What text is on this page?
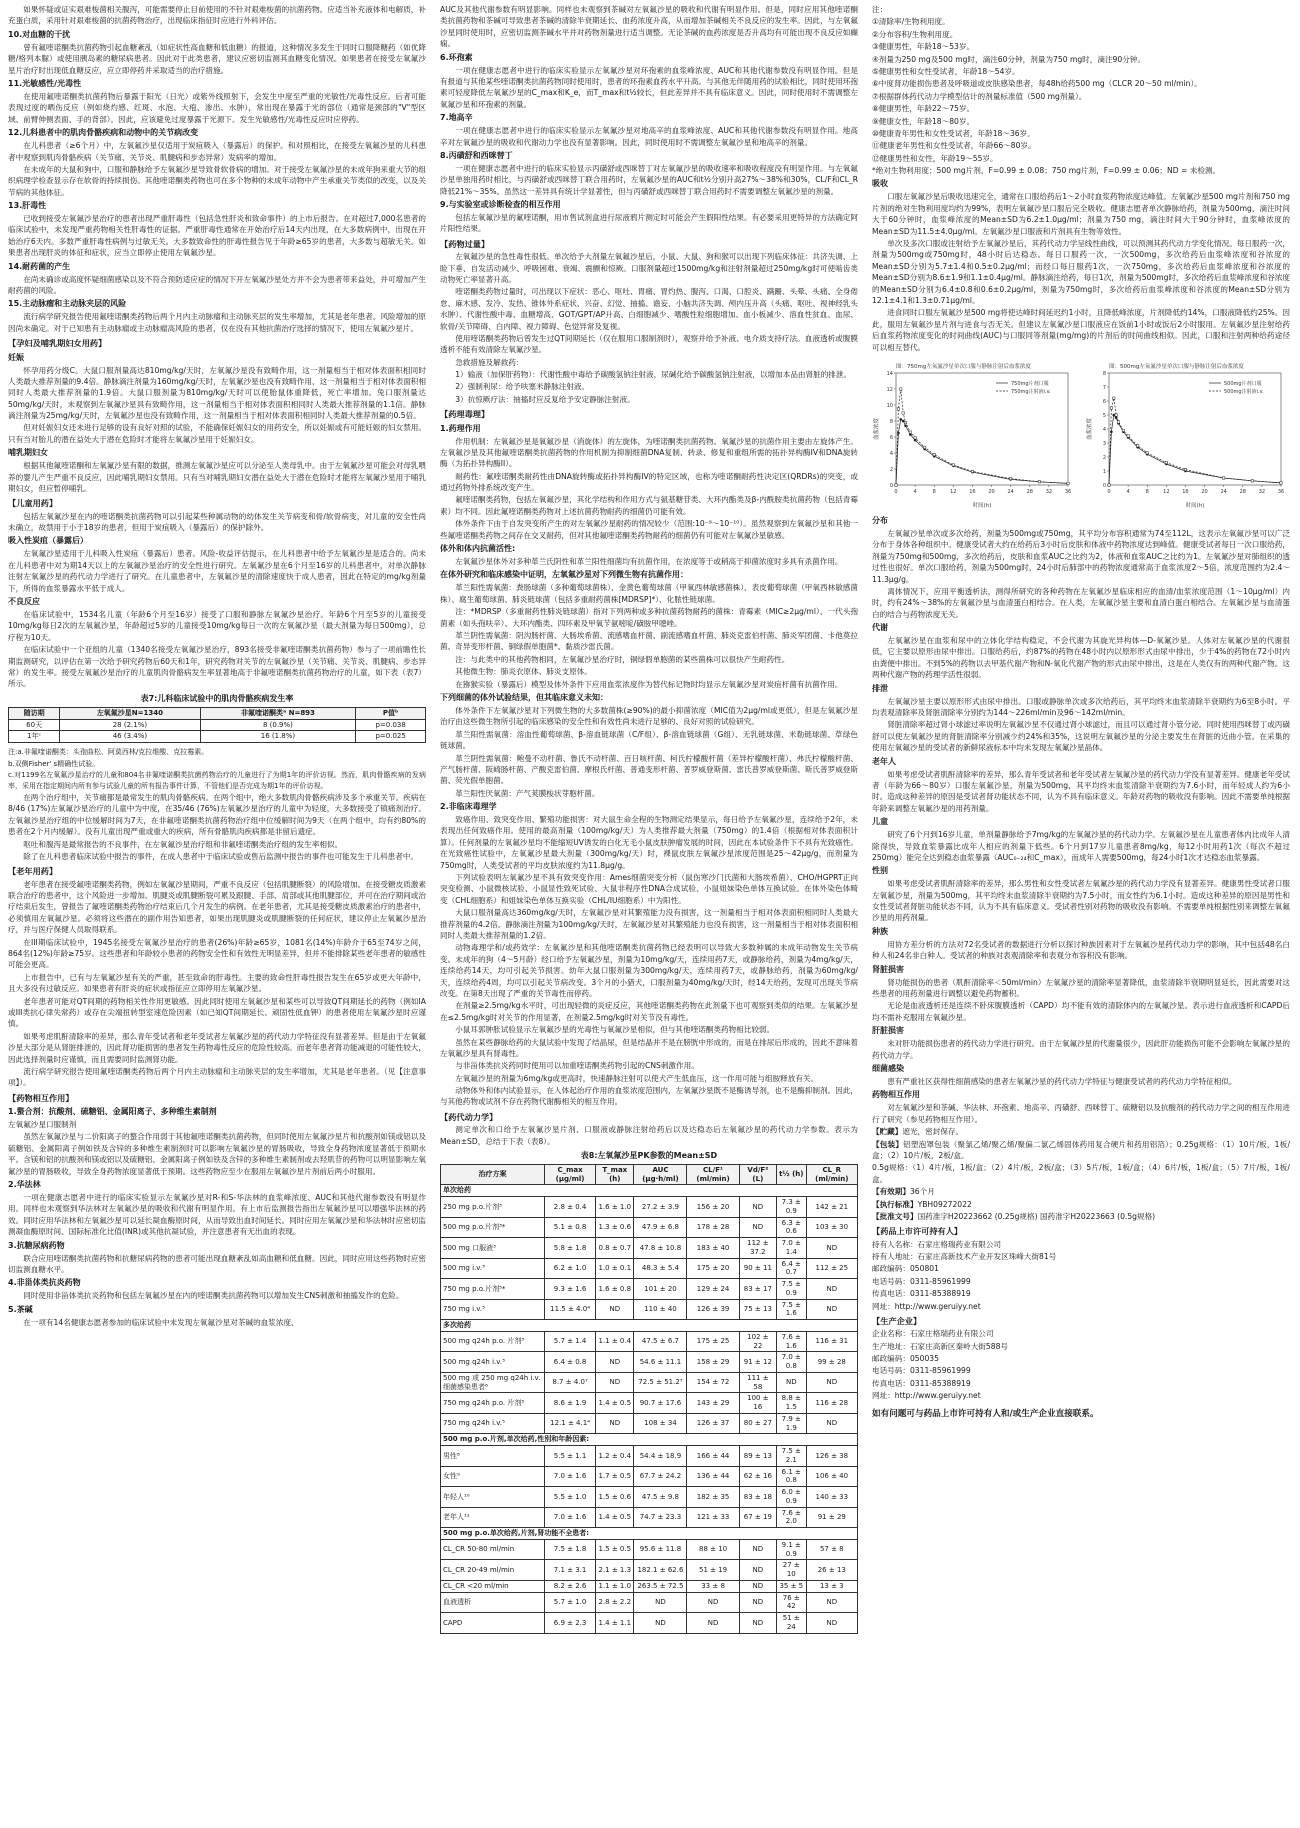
如果怀疑或证实艰难梭菌相关腹泻，可能需要停止目前使用的不针对艰难梭菌的抗菌药物。应适当补充液体和电解质，补充蛋白质，采用针对艰难梭菌的抗菌药物治疗，出现临床指征时应进行外科评估。

10.对血糖的干扰

曾有氟喹诺酮类抗菌药物引起血糖紊乱（如症状性高血糖和低血糖）的报道，这种情况多发生于同时口服降糖药（如优降糖/格列本脲）或使用胰岛素的糖尿病患者。因此对于此类患者，建议应密切监测其血糖变化情况。如果患者在接受左氧氟沙星片治疗时出现低血糖反应，应立即停药并采取适当的治疗措施。

11.光敏感性/光毒性

在使用氟喹诺酮类抗菌药物后暴露于阳光（日光）或紫外线照射下，会发生中度至严重的光敏性/光毒性反应。后者可能表现过度的晒伤反应（例如烧灼感、红斑、水泡、大疱、渗出、水肿），常出现在暴露于光的部位（通常是颈部的"V"型区域、前臂伸侧表面、手的背部）。因此，应该避免过度暴露于光源下。发生光敏感性/光毒性反应时应停药。

12.儿科患者中的肌肉骨骼疾病和动物中的关节病改变

在儿科患者（≥6个月）中，左氧氟沙星仅适用于炭疽吸入（暴露后）的保护。和对照相比，在接受左氧氟沙星的儿科患者中观察到肌肉骨骼疾病（关节痛、关节炎、肌腱病和步态异常）发病率的增加。

在未成年的大鼠和狗中，口服和静脉给予左氧氟沙星导致骨软骨病的增加。对于接受左氧氟沙星的未成年狗来重大节的组织病理学检查显示存在软骨的持续损伤。其他喹诺酮类药物也可在多个物种的未成年动物中产生承重关节类似的改变，以及关节病的其他体征。

13.肝毒性

已收到接受左氧氟沙星治疗的患者出现严重肝毒性（包括急性肝炎和致命事件）的上市后报告。在对超过7,000名患者的临床试验中，未发现严重药物相关性肝毒性的证据。严重肝毒性通常在开始治疗后14天内出现，在大多数病例中，出现在开始治疗6天内。多数严重肝毒性病例与过敏无关。大多数致命性的肝毒性报告见于年龄≥65岁的患者，大多数与超敏无关。如果患者出现肝炎的体征和症状，应当立即停止使用左氧氟沙星。

14.耐药菌的产生

在尚未确诊或高度怀疑细菌感染以及不符合预防适应症的情况下开左氧氟沙星处方并不会为患者带来益处，并可增加产生耐药菌的风险。

15.主动脉瘤和主动脉夹层的风险

流行病学研究报告使用氟喹诺酮类药物后两个月内主动脉瘤和主动脉夹层的发生率增加，尤其是老年患者。风险增加的原因尚未确定。对于已知患有主动脉瘤或主动脉瘤高风险的患者，仅在没有其他抗菌治疗选择的情况下，使用左氧氟沙星片。

【孕妇及哺乳期妇女用药】

妊娠

怀孕用药分级C。大鼠口服剂量高达810mg/kg/天时，左氧氟沙星没有致畸作用，这一剂量相当于相对体表面积相同时人类最大推荐剂量的9.4倍。静脉滴注剂量为160mg/kg/天时，左氧氟沙星也没有致畸作用，这一剂量相当于相对体表面积相同时人类最大推荐剂量的1.9倍。大鼠口服剂量为810mg/kg/天时可以使胎鼠体重降低，死亡率增加。兔口服剂量达50mg/kg/天时，未观察到左氧氟沙星具有致畸作用，这一剂量相当于相对体表面积相同时人类最大推荐剂量的1.1倍。静脉滴注剂量为25mg/kg/天时，左氧氟沙星也没有致畸作用，这一剂量相当于相对体表面积相同时人类最大推荐剂量的0.5倍。

但对妊娠妇女还未进行足够的设有良好对照的试验，不能确保妊娠妇女的用药安全，所以妊娠或有可能妊娠的妇女禁用。只有当对胎儿的潜在益处大于潜在危险时才能将左氧氟沙星用于妊娠妇女。

哺乳期妇女

根据其他氟喹诺酮和左氧氟沙星有限的数据，推测左氧氟沙星应可以分泌至人类母乳中。由于左氧氟沙星可能会对母乳喂养的婴儿产生严重不良反应，因此哺乳期妇女禁用。只有当对哺乳期妇女潜在益处大于潜在危险时才能将左氧氟沙星用于哺乳期妇女，但应暂停哺乳。

【儿童用药】

包括左氧氟沙星在内的喹诺酮类抗菌药物可以引起某些种属动物的幼体发生关节病变和骨/软骨病变，对儿童的安全性尚未确立，故禁用于小于18岁的患者，但用于炭疽吸入（暴露后）的保护除外。

吸入性炭疽（暴露后）

左氧氟沙星适用于儿科吸入性炭疽（暴露后）患者。风险-收益评估提示，在儿科患者中给予左氧氟沙星是适合的。尚未在儿科患者中对为期14天以上的左氧氟沙星治疗的安全性进行研究。左氧氟沙星在6个月至16岁的儿科患者中，对单次静脉注射左氧氟沙星的药代动力学进行了研究。在儿童患者中，左氧氟沙星的清除速度快于成人患者，因此在特定的mg/kg剂量下，所得的血浆暴露水平低于成人。

不良反应

在临床试验中，1534名儿童（年龄6个月至16岁）接受了口服和静脉左氧氟沙星治疗。年龄6个月至5岁的儿童接受10mg/kg每日2次的左氧氟沙星，年龄超过5岁的儿童接受10mg/kg每日一次的左氧氟沙星（最大剂量为每日500mg），总疗程为10天。

在临床试验中一个亚组的儿童（1340名接受左氧氟沙星治疗，893名接受非氟喹诺酮类抗菌药物）参与了一项前瞻性长期监测研究，以评估在第一次给予研究药物后60天和1年，研究药物对关节的左氧氟沙星（关节痛、关节炎、肌腱病、步态异常）的发生率。接受左氧氟沙星治疗的儿童肌肉骨骼病发生率显著地高于非氟喹诺酮类抗菌药物治疗的儿童，如下表（表7）所示。

表7:儿科临床试验中的肌肉骨骼疾病发生率

随访期	左氧氟沙星N=1340	非氟喹诺酮类ᵃ N=893	P值ᵇ
60天	28 (2.1%)	8 (0.9%)	p=0.038
1年ᶜ	46 (3.4%)	16 (1.8%)	p=0.025

注:a.非氟喹诺酮类：头孢曲松、阿莫西林/克拉维酸、克拉霉素。

b.双侧Fisher' s精确性试验。

c.对1199名左氧氟沙星治疗的儿童和804名非氟喹诺酮类抗菌药物治疗的儿童进行了为期1年的评价访视。然而，肌肉骨骼疾病的发病率，采用在指定期间内所有参与试验儿童的所有报告事件计算，不管他们是否完成为期1年的评价访视。

在两个治疗组中，关节痛都是最常发生的肌肉骨骼疾病。在两个组中，绝大多数肌肉骨骼疾病涉及多个承重关节。疾病在8/46 (17%)左氧氟沙星治疗的儿童中为中度，在35/46 (76%)左氧氟沙星治疗的儿童中为轻度，大多数接受了镇痛剂治疗。左氧氟沙星治疗组的中位缓解时间为7天，在非氟喹诺酮类抗菌药物治疗组中位缓解时间为9天（在两个组中，均有约80%的患者在2个月内缓解）。没有儿童出现严重或重大的疾病，所有骨骼肌肉疾病都是非留后遗症。

呕吐和腹泻是最常报告的不良事件，在左氧氟沙星治疗组和非氟喹诺酮类治疗组的发生率相似。

除了在儿科患者临床试验中报告的事件，在成人患者中于临床试验或售后监测中报告的事件也可能发生于儿科患者中。

【老年用药】

老年患者在接受氟喹诺酮类药物，例如左氧氟沙星期间，严重不良反应（包括肌腱断裂）的风险增加。在接受糖皮质激素联合治疗的患者中，这个风险进一步增加。肌腱炎或肌腱断裂可累及跟腱、手部、肩部或其他肌腱部位，并可在治疗期间或治疗结束后发生，曾报告了氟喹诺酮类药物治疗结束后几个月发生的病例。在老年患者，尤其是接受糖皮质激素治疗的患者中，必须慎用左氧氟沙星。必须将这些潜在的副作用告知患者，如果出现肌腱炎或肌腱断裂的任何症状，建议停止左氧氟沙星治疗，并与医疗保健人员取得联系。

在III期临床试验中，1945名接受左氧氟沙星治疗的患者(26%)年龄≥65岁，1081名(14%)年龄介于65至74岁之间，864名(12%)年龄≥75岁。这些患者和年龄较小患者的药物安全性和有效性无明显差异，但并不能排除某些老年患者的敏感性可能会更高。

上市报告中，已有与左氧氟沙星有关的严重，甚至致命的肝毒性。主要的致命性肝毒性报告发生在65岁或更大年龄中，且大多没有过敏反应。如果患者有肝炎的症状或指征应立即停用左氧氟沙星。

老年患者可能对QT间期的药物相关性作用更敏感。因此同时使用左氧氟沙星和某些可以导致QT间期延长的药物（例如IA或III类抗心律失常药）或存在尖端扭转型室速危险因素（如已知QT间期延长、顽固性低血钾）的患者使用左氧氟沙星时应谨慎。

如果考虑肌酐清除率的差异，那么青年受试者和老年受试者左氧氟沙星的药代动力学特征没有显著差异。但是由于左氧氟沙星大部分是从肾脏排泄的，因此肾功能损害的患者发生药物毒性反应的危险性较高。而老年患者肾功能减退的可能性较大，因此选择剂量时应谨慎，而且需要同时监测肾功能。

流行病学研究报告使用氟喹诺酮类药物后两个月内主动脉瘤和主动脉夹层的发生率增加，尤其是老年患者。（见【注意事项】）。

【药物相互作用】

1.螯合剂：抗酸剂、硫糖铝、金属阳离子、多种维生素制剂

左氧氟沙星口服制剂

虽然左氧氟沙星与二价阳离子的螯合作用弱于其他氟喹诺酮类抗菌药物，但同时使用左氧氟沙星片和抗酸剂如镁或铝以及硫糖铝、金属阳离子例如铁及含锌的多种维生素制剂时可以影响左氧氟沙星的胃肠吸收，导致全身药物浓度显著低于预期水平。含镁和铝的抗酸剂和镁或铝以及硫糖铝、金属阳离子例如铁及含锌的多种维生素制剂或去羟肌苷的药物可以明显影响左氧氟沙星的胃肠吸收，导致全身药物浓度显著低于预期。这些药物应至少在服用左氧氟沙星片剂前后两小时服用。

2.华法林

一项在健康志愿者中进行的临床实验显示左氧氟沙星对R-和S-华法林的血浆峰浓度、AUC和其他代谢参数没有明显作用。同样也未观察到华法林对左氧氟沙星的吸收和代谢有明显作用。有上市后监测报告指出左氧氟沙星可以增强华法林的药效。同时应用华法林和左氧氟沙星可以延长凝血酶原时间，从而导致出血时间延长。同时应用左氧氟沙星和华法林时应密切监测凝血酶原时间、国际标准化比值(INR)或其他抗凝试验，并注意患者有无出血的表现。

3.抗糖尿病药物

联合应用喹诺酮类抗菌药物和抗糖尿病药物的患者可能出现血糖紊乱如高血糖和低血糖。因此，同时应用这些药物时应密切监测血糖水平。

4.非甾体类抗炎药物

同时使用非甾体类抗炎药物和包括左氧氟沙星在内的喹诺酮类抗菌药物可以增加发生CNS刺激和抽搐发作的危险。

5.茶碱

在一项有14名健康志愿者参加的临床试验中未发现左氧氟沙星对茶碱的血浆浓度、

AUC及其他代谢参数有明显影响。同样也未观察到茶碱对左氧氟沙星的吸收和代谢有明显作用。但是，同时应用其他喹诺酮类抗菌药物和茶碱可导致患者茶碱的清除半衰期延长、血药浓度升高，从而增加茶碱相关不良反应的发生率。因此，与左氧氟沙星同时使用时，应密切监测茶碱水平并对药物剂量进行适当调整。无论茶碱的血药浓度是否升高均有可能出现不良反应如癫痫。

6.环孢素

一项在健康志愿者中进行的临床实验显示左氧氟沙星对环孢素的血浆峰浓度、AUC和其他代谢参数没有明显作用。但是有报道与其他某些喹诺酮类抗菌药物同时使用时，患者的环孢素血药水平升高。与其他无伴随用药的试验相比，同时使用环孢素可轻度降低左氧氟沙星的C_max和K_e，而T_max和t½较长，但此差异并不具有临床意义。因此，同时使用时不需调整左氧氟沙星和环孢素的剂量。

7.地高辛

一项在健康志愿者中进行的临床实验显示左氧氟沙星对地高辛的血浆峰浓度、AUC和其他代谢参数没有明显作用。地高辛对左氧氟沙星的吸收和代谢动力学也没有显著影响。因此，同时使用时不需调整左氧氟沙星和地高辛的剂量。

8.丙磺舒和西咪替丁

一项在健康志愿者中进行的临床实验显示丙磺舒或西咪替丁对左氧氟沙星的吸收速率和吸收程度没有明显作用。与左氧氟沙星单独用药时相比，与丙磺舒或西咪替丁联合用药时，左氧氟沙星的AUC和t½分别升高27%～38%和30%，CL/F和CL_R降低21%～35%。虽然这一差异具有统计学显著性，但与丙磺舒或西咪替丁联合用药时不需要调整左氧氟沙星的剂量。

9.与实验室或诊断检查的相互作用

包括左氧氟沙星的氟喹诺酮，用市售试剂盒进行尿液鸦片测定时可能会产生假阳性结果。有必要采用更特异的方法确定阿片阳性结果。

【药物过量】

左氧氟沙星的急性毒性很低。单次给予大剂量左氧氟沙星后，小鼠、大鼠、狗和猴可以出现下列临床体征：共济失调、上睑下垂、自发活动减少、呼吸困难、衰竭、震颤和惊厥。口服剂量超过1500mg/kg和注射剂量超过250mg/kg时可使啮齿类动物死亡率显著升高。

喹诺酮类药物过量时，可出现以下症状：恶心、呕吐、胃痛、胃灼热、腹泻、口渴、口腔炎、蹒跚、头晕、头痛、全身倦怠、麻木感、发冷、发热、锥体外系症状、兴奋、幻觉、抽搐、谵妄、小脑共济失调、颅内压升高（头痛、呕吐、视神经乳头水肿）、代谢性酸中毒、血糖增高、GOT/GPT/AP升高、白细胞减少、嗜酸性粒细胞增加、血小板减少、溶血性贫血、血尿、软骨/关节障碍、白内障、视力障碍、色觉异常及复视。

使用喹诺酮类药物后曾发生过QT间期延长（仅在服用口服制剂时），观察并给予补液、电介质支持疗法。血液透析或腹膜透析不能有效清除左氧氟沙星。

急救措施及解救药：

1）输液（加保肝药物）：代谢性酸中毒给予碳酸氢钠注射液，尿碱化给予碳酸氢钠注射液，以增加本品由肾脏的排泄。

2）强制利尿：给予呋塞米静脉注射液。

3）抗惊厥疗法：抽搐时应反复给予安定静脉注射液。

【药理毒理】

1.药理作用

作用机制：左氧氟沙星是氧氟沙星（消旋体）的左旋体，为喹诺酮类抗菌药物。氧氟沙星的抗菌作用主要由左旋体产生。左氧氟沙星及其他氟喹诺酮类抗菌药物的作用机制为抑制细菌DNA复制、转录、修复和重组所需的拓扑异构酶IV和DNA旋转酶（为拓扑异构酶II）。

耐药性：氟喹诺酮类耐药性由DNA旋转酶或拓扑异构酶IV的特定区域，也称为喹诺酮耐药性决定区(QRDRs)的突变，或通过药物外排系统改变产生。

氟喹诺酮类药物，包括左氧氟沙星，其化学结构和作用方式与氨基糖苷类、大环内酯类及β-内酰胺类抗菌药物（包括青霉素）均不同。因此氟喹诺酮类药物对上述抗菌药物耐药的细菌仍可能有效。

体外条件下由于自发突变所产生的对左氧氟沙星耐药的情况较少（范围:10⁻⁹～10⁻¹⁰）。虽然观察到左氧氟沙星和其他一些氟喹诺酮类药物之间存在交叉耐药，但对其他氟喹诺酮类药物耐药的细菌仍有可能对左氧氟沙星敏感。

体外和体内抗菌活性:

左氧氟沙星体外对多种革兰氏阴性和革兰阳性细菌均有抗菌作用，在浓度等于或稍高于抑菌浓度时多具有杀菌作用。

在体外研究和临床感染中证明，左氧氟沙星对下列微生物有抗菌作用：

革兰阳性需氧菌：粪肠球菌（多种葡萄球菌株）、金黄色葡萄球菌（甲氧西林敏感菌株）、表皮葡萄球菌（甲氧西林敏感菌株）、腐生葡萄球菌、肺炎链球菌（包括多重耐药菌株[MDRSP]*）、化脓性链球菌。

注：*MDRSP（多重耐药性肺炎链球菌）指对下列两种或多种抗菌药物耐药的菌株：青霉素（MIC≥2μg/ml）、一代头孢菌素（如头孢呋辛）、大环内酯类、四环素及甲氧苄氨嘧啶/磺胺甲噁唑。

革兰阴性需氧菌：阴沟肠杆菌、大肠埃希菌、流感嗜血杆菌、副流感嗜血杆菌、肺炎克雷伯杆菌、肺炎军团菌、卡他莫拉菌、奇异变形杆菌、铜绿假单胞菌*、黏质沙雷氏菌。

注：与此类中的其他药物相同，左氧氟沙星治疗时，铜绿假单胞菌的某些菌株可以很快产生耐药性。

其他微生物：肺炎衣原体、肺炎支原体。

在猕猴实验（暴露后）模型及体外条件下应用血浆浓度作为替代标记物时均显示左氧氟沙星对炭疽杆菌有抗菌作用。

下列细菌的体外试验结果，但其临床意义未知：

体外条件下左氧氟沙星对下列微生物的大多数菌株(≥90%)的最小抑菌浓度（MIC值为2μg/ml或更低），但是左氧氟沙星治疗由这些微生物所引起的临床感染的安全性和有效性尚未进行足够的、良好对照的试验研究。

革兰阳性需氧菌：溶血性葡萄球菌、β-溶血链球菌（C/F组）、β-溶血链球菌（G组）、无乳链球菌、米勒链球菌、草绿色链球菌。

革兰阴性需氧菌：鲍曼不动杆菌、鲁氏不动杆菌、百日咳杆菌、柯氏柠檬酸杆菌（差异柠檬酸杆菌）、弗氏柠檬酸杆菌、产气肠杆菌、阪崎肠杆菌、产酸克雷伯菌、摩根氏杆菌、普通变形杆菌、普罗威登斯菌、雷氏普罗威登斯菌、斯氏普罗威登斯菌、荧光假单胞菌。

革兰阳性厌氧菌：产气荚膜梭状芽胞杆菌。

2.非临床毒理学

致癌作用、致突变作用、繁殖功能损害：对大鼠生命全程的生物测定结果显示，每日给予左氧氟沙星，连续给予2年，未表现出任何致癌作用。使用的最高剂量（100mg/kg/天）为人类推荐最大剂量（750mg）的1.4倍（根据相对体表面积计算）。任何剂量的左氧氟沙星均不能缩短UV诱发的白化无毛小鼠皮肤肿瘤发展的时间，因此在本试验条件下不具有光致癌性。在光致癌性试验中，左氧氟沙星最大剂量（300mg/kg/天）时，裸鼠皮肤左氧氟沙星浓度范围是25～42μg/g，而剂量为750mg时，人类受试者的平均皮肤浓度约为11.8μg/g。

下列试验表明左氧氟沙星不具有致突变作用：Ames细菌突变分析（鼠伤寒沙门氏菌和大肠埃希菌）、CHO/HGPRT正向突变检测、小鼠微核试验、小鼠显性致死试验、大鼠非程序性DNA合成试验、小鼠姐妹染色单体互换试验。在体外染色体畸变（CHL细胞系）和姐妹染色单体互换实验（CHL/IU细胞系）中为阳性。

大鼠口服剂量高达360mg/kg/天时，左氧氟沙星对其繁殖能力没有损害，这一剂量相当于相对体表面积相同时人类最大推荐剂量的4.2倍。静脉滴注剂量为100mg/kg/天时，左氧氟沙星对其繁殖能力也没有损害，这一剂量相当于相对体表面积相同时人类最大推荐剂量的1.2倍。

动物毒理学和/或药效学：左氧氟沙星和其他喹诺酮类抗菌药物已经表明可以导致大多数种属的未成年动物发生关节病变。未成年的狗（4～5月龄）经口给予左氧氟沙星，剂量为10mg/kg/天，连续用药7天，或静脉给药，剂量为4mg/kg/天，连续给药14天，均可引起关节损害。幼年大鼠口服剂量为300mg/kg/天，连续用药7天，或静脉给药，剂量为60mg/kg/天，连续给药4周，均可以引起关节病改变。3个月的小猎犬，口服剂量为40mg/kg/天时，经14天给药，发现可出现关节病改变。在第8天出现了严重的关节毒性而停药。

在剂量≥2.5mg/kg水平时，可出现轻微的炎症反应，其他喹诺酮类药物在此剂量下也可观察到类似的结果。左氧氟沙星在≤2.5mg/kg时对关节的作用显著，在剂量2.5mg/kg时对关节没有毒性。

小鼠耳郭肿胀试验显示左氧氟沙星的光毒性与氧氟沙星相似，但与其他喹诺酮类药物相比较弱。

虽然在某些静脉给药的大鼠试验中发现了结晶尿，但是结晶并不是在膀胱中形成的，而是在排尿后形成的，因此不意味着左氧氟沙星具有肾毒性。

与非甾体类抗炎药同时使用可以加重喹诺酮类药物引起的CNS刺激作用。

左氧氟沙星的剂量为6mg/kg或更高时，快速静脉注射可以使犬产生低血压，这一作用可能与组胺释放有关。

动物体外和体内试验显示，在人体起治疗作用的血浆浓度范围内，左氧氟沙星既不是酶诱导剂，也不是酶抑制剂。因此，与其他药物或试剂不存在药物代谢酶相关的相互作用。

【药代动力学】

测定单次和口给予左氧氟沙星片剂、口服液或静脉注射给药后以及达稳态后左氧氟沙星的药代动力学参数。表示为Mean±SD，总结于下表（表8）。

表8:左氧氟沙星PK参数的Mean±SD

治疗方案	C_max (μg/ml)	T_max (h)	AUC (μg·h/ml)	CL/F¹ (ml/min)	Vd/F² (L)	t½ (h)	CL_R (ml/min)
单次给药							
250 mg p.o.片剂³	2.8 ± 0.4	1.6 ± 1.0	27.2 ± 3.9	156 ± 20	ND	7.3 ± 0.9	142 ± 21
500 mg p.o.片剂³*	5.1 ± 0.8	1.3 ± 0.6	47.9 ± 6.8	178 ± 28	ND	6.3 ± 0.6	103 ± 30
500 mg 口服液³	5.8 ± 1.8	0.8 ± 0.7	47.8 ± 10.8	183 ± 40	112 ± 37.2	7.0 ± 1.4	ND
500 mg i.v.³	6.2 ± 1.0	1.0 ± 0.1	48.3 ± 5.4	175 ± 20	90 ± 11	6.4 ± 0.7	112 ± 25
750 mg p.o.片剂⁵*	9.3 ± 1.6	1.6 ± 0.8	101 ± 20	129 ± 24	83 ± 17	7.5 ± 0.9	ND
750 mg i.v.⁵	11.5 ± 4.0⁴	ND	110 ± 40	126 ± 39	75 ± 13	7.5 ± 1.6	ND
多次给药							
500 mg q24h p.o. 片剂³	5.7 ± 1.4	1.1 ± 0.4	47.5 ± 6.7	175 ± 25	102 ± 22	7.6 ± 1.6	116 ± 31
500 mg q24h i.v.³	6.4 ± 0.8	ND	54.6 ± 11.1	158 ± 29	91 ± 12	7.0 ± 0.8	99 ± 28
500 mg 或 250 mg q24h i.v. 细菌感染患者⁶	8.7 ± 4.0⁷	ND	72.5 ± 51.2⁷	154 ± 72	111 ± 58	ND	ND
750 mg q24h p.o. 片剂⁵	8.6 ± 1.9	1.4 ± 0.5	90.7 ± 17.6	143 ± 29	100 ± 16	8.8 ± 1.5	116 ± 28
750 mg q24h i.v.⁵	12.1 ± 4.1⁴	ND	108 ± 34	126 ± 37	80 ± 27	7.9 ± 1.9	ND
500 mg p.o.片剂,单次给药,性别和年龄因素:							
男性⁸	5.5 ± 1.1	1.2 ± 0.4	54.4 ± 18.9	166 ± 44	89 ± 13	7.5 ± 2.1	126 ± 38
女性⁹	7.0 ± 1.6	1.7 ± 0.5	67.7 ± 24.2	136 ± 44	62 ± 16	6.1 ± 0.8	106 ± 40
年轻人¹⁰	5.5 ± 1.0	1.5 ± 0.6	47.5 ± 9.8	182 ± 35	83 ± 18	6.0 ± 0.9	140 ± 33
老年人¹¹	7.0 ± 1.6	1.4 ± 0.5	74.7 ± 23.3	121 ± 33	67 ± 19	7.6 ± 2.0	91 ± 29
500 mg p.o.单次给药,片剂,肾功能不全患者:							
CL_CR 50-80 ml/min	7.5 ± 1.8	1.5 ± 0.5	95.6 ± 11.8	88 ± 10	ND	9.1 ± 0.9	57 ± 8
CL_CR 20-49 ml/min	7.1 ± 3.1	2.1 ± 1.3	182.1 ± 62.6	51 ± 19	ND	27 ± 10	26 ± 13
CL_CR <20 ml/min	8.2 ± 2.6	1.1 ± 1.0	263.5 ± 72.5	33 ± 8	ND	35 ± 5	13 ± 3
血液透析	5.7 ± 1.0	2.8 ± 2.2	ND	ND	ND	76 ± 42	ND
CAPD	6.9 ± 2.3	1.4 ± 1.1	ND	ND	ND	51 ± 24	ND

注：

①清除率/生物利用度。

②分布容积/生物利用度。

③健康男性，年龄18～53岁。

④剂量为250 mg及500 mg时，滴注60分钟，剂量为750 mg时，滴注90分钟。

⑤健康男性和女性受试者，年龄18～54岁。

⑥中度肾功能损伤患者及呼吸道或皮肤感染患者，每48h给药500 mg（CLCR 20～50 ml/min）。

⑦根据群体药代动力学模型估计的剂量标准值（500 mg剂量）。

⑧健康男性，年龄22～75岁。

⑨健康女性，年龄18～80岁。

⑩健康青年男性和女性受试者，年龄18～36岁。

⑪健康老年男性和女性受试者，年龄66～80岁。

⑫健康男性和女性，年龄19～55岁。

*绝对生物利用度；500 mg片剂，F=0.99 ± 0.08；750 mg片剂，F=0.99 ± 0.06；ND = 未检测。

吸收

口服左氧氟沙星后吸收迅速完全，通常在口服给药后1～2小时血浆药物浓度达峰值。左氧氟沙星500 mg片剂和750 mg片剂的绝对生物利用度均约为99%，表明左氧氟沙星口服后完全吸收。健康志愿者单次静脉给药，剂量为500mg，滴注时间大于60分钟时，血浆峰浓度的Mean±SD为6.2±1.0μg/ml；剂量为750 mg，滴注时间大于90分钟时，血浆峰浓度的Mean±SD为11.5±4.0μg/ml。左氧氟沙星口服液和片剂具有生物等效性。

单次及多次口服或注射给予左氧氟沙星后，其药代动力学呈线性曲线，可以预测其药代动力学变化情况。每日服药一次，剂量为500mg或750mg时，48小时后达稳态。每日口服药一次，一次500mg，多次给药后血浆峰浓度和谷浓度的Mean±SD分别为5.7±1.4和0.5±0.2μg/ml；而经口每日服药1次，一次750mg，多次给药后血浆峰浓度和谷浓度的Mean±SD分别为8.6±1.9和1.1±0.4μg/ml。静脉滴注给药，每日1次，剂量为500mg时，多次给药后血浆峰浓度和谷浓度的Mean±SD分别为6.4±0.8和0.6±0.2μg/ml，剂量为750mg时，多次给药后血浆峰浓度和谷浓度的Mean±SD分别为12.1±4.1和1.3±0.71μg/ml。

进食同时口服左氧氟沙星500 mg将使达峰时间延迟约1小时，且降低峰浓度，片剂降低约14%，口服液降低约25%。因此，服用左氧氟沙星片剂与进食与否无关。但建议左氧氟沙星口服液应在饭前1小时或饭后2小时服用。左氧氟沙星注射给药后血浆药物浓度变化的时间曲线(AUC)与口服同等剂量(mg/mg)的片剂后的时间曲线相似。因此，口服和注射两种给药途径可以相互替代。

图：750mg左氧氟沙星单次口服与静脉注射后血浆浓度
0
2
4
6
8
10
12
14
0	4	8	12	16	20	24	28	32	36
时间(h)
血浆浓度
750mg片剂口服
750mg注射液i.v.
图：500mg左氧氟沙星单次口服与静脉注射后血浆浓度
0
1
2
3
4
5
6
7
8
0	4	8	12	16	20	24	28	32	36
时间(h)
血浆浓度
500mg片剂口服
500mg注射液i.v.

分布

左氧氟沙星单次或多次给药，剂量为500mg或750mg，其平均分布容积通常为74至112L，这表示左氧氟沙星可以广泛分布于身体各种组织中。健康受试者大约在给药后3小时后皮肤和体液中药物浓度达到峰值。健康受试者每日一次口服给药，剂量为750mg和500mg，多次给药后，皮肤和血浆AUC之比约为2，体液和血浆AUC之比约为1。左氧氟沙星对肺组织的透过性也很好。单次口服给药，剂量为500mg时，24小时后肺部中的药物浓度通常高于血浆浓度2～5倍，浓度范围约为2.4～11.3μg/g。

离体情况下，应用平衡透析法，测得所研究的各种药物在左氧氟沙星临床相应的血清/血浆浓度范围（1～10μg/ml）内时，约有24%～38%的左氧氟沙星与血清蛋白相结合。在人类，左氧氟沙星主要和血清白蛋白相结合。左氧氟沙星与血清蛋白的结合与药物浓度无关。

代谢

左氧氟沙星在血浆和尿中的立体化学结构稳定，不会代谢为其旋光异构体—D-氧氟沙星。人体对左氧氟沙星的代谢很低，它主要以原形由尿中排出。口服给药后，约87%的药物在48小时内以原形形式由尿中排出，少于4%的药物在72小时内由粪便中排出。不到5%的药物以去甲基代谢产物和N-氧化代谢产物的形式由尿中排出，这是在人类仅有的两种代谢产物。这两种代谢产物的药理学活性很弱。

排泄

左氧氟沙星主要以原形形式由尿中排出。口服或静脉单次或多次给药后，其平均终末血浆清除半衰期约为6至8小时。平均表观清除率及肾脏清除率分别约为144～226ml/min及96～142ml/min。

肾脏清除率超过肾小球滤过率说明左氧氟沙星不仅通过肾小球滤过，而且可以通过肾小管分泌。同时使用西咪替丁或丙磺舒可以使左氧氟沙星的肾脏清除率分别减少约24%和35%，这说明左氧氟沙星的分泌主要发生在肾脏的近曲小管。在采集的使用左氧氟沙星的受试者的新鲜尿液标本中均未发现左氧氟沙星晶体。

老年人

如果考虑受试者肌酐清除率的差异，那么青年受试者和老年受试者左氧氟沙星的药代动力学没有显著差异。健康老年受试者（年龄为66～80岁）口服左氧氟沙星，剂量为500mg，其平均终末血浆清除半衰期约为7.6小时，而年轻成人约为6小时。造成这种差异的原因是受试者肾功能状态不同，认为不具有临床意义。年龄对药物的吸收没有影响。因此不需要单纯根据年龄来调整左氧氟沙星的用药剂量。

儿童

研究了6个月到16岁儿童，单剂量静脉给予7mg/kg的左氧氟沙星的药代动力学。左氧氟沙星在儿童患者体内比成年人清除得快，导致血浆暴露比成年人相应的剂量下低些。6个月到17岁儿童患者8mg/kg，每12小时用药1次（每次不超过250mg）能完全达到稳态血浆暴露（AUC₀₋₂₄和C_max），而成年人需要500mg，每24小时1次才达稳态血浆暴露。

性别

如果考虑受试者肌酐清除率的差异，那么男性和女性受试者左氧氟沙星的药代动力学没有显著差异。健康男性受试者口服左氧氟沙星，剂量为500mg，其平均终末血浆清除半衰期约为7.5小时，而女性约为6.1小时。造成这种差异的原因是男性和女性受试者肾脏功能状态不同，认为不具有临床意义。受试者性别对药物的吸收没有影响。不需要单纯根据性别来调整左氧氟沙星的用药剂量。

种族

用协方差分析的方法对72名受试者的数据进行分析以探讨种族因素对于左氧氟沙星药代动力学的影响，其中包括48名白种人和24名非白种人。受试者的种族对表观清除率和表观分布容积没有影响。

肾脏损害

肾功能损伤的患者（肌酐清除率＜50ml/min）左氧氟沙星的清除率显著降低，血浆清除半衰期明显延长，因此需要对这些患者的用药剂量进行调整以避免药物蓄积。

无论是血液透析还是连续不卧床腹膜透析（CAPD）均不能有效的清除体内的左氧氟沙星。表示进行血液透析和CAPD后均不需补充服用左氧氟沙星。

肝脏损害

未对肝功能损伤患者的药代动力学进行研究。由于左氧氟沙星的代谢量很少，因此肝功能损伤可能不会影响左氧氟沙星的药代动力学。

细菌感染

患有严重社区获得性细菌感染的患者左氧氟沙星的药代动力学特征与健康受试者的药代动力学特征相似。

药物相互作用

对左氧氟沙星和茶碱、华法林、环孢素、地高辛、丙磺舒、西咪替丁、硫糖铝以及抗酸剂的药代动力学之间的相互作用进行了研究（参见药物相互作用）。

【贮藏】遮光，密封保存。

【包装】铝塑泡罩包装（聚氯乙烯/聚乙烯/聚偏二氯乙烯固体药用复合硬片和药用铝箔）；0.25g规格：（1）10片/板，1板/盒；（2）10片/板，2板/盒。

0.5g规格：（1）4片/板，1板/盒；（2）4片/板，2板/盒；（3）5片/板，1板/盒；（4）6片/板，1板/盒；（5）7片/板，1板/盒。

【有效期】36个月

【执行标准】YBH09272022

【批准文号】国药准字H20223662 (0.25g规格) 国药准字H20223663 (0.5g规格)

【药品上市许可持有人】

持有人名称：石家庄格瑞药业有限公司

持有人地址：石家庄高新技术产业开发区珠峰大街81号

邮政编码：050801

电话号码：0311-85961999

传真电话：0311-85388919

网址：http://www.geruiyy.net

【生产企业】

企业名称：石家庄格瑞药业有限公司

生产地址：石家庄高新区秦岭大街588号

邮政编码：050035

电话号码：0311-85961999

传真电话：0311-85388919

网址：http://www.geruiyy.net

如有问题可与药品上市许可持有人和/或生产企业直接联系。
